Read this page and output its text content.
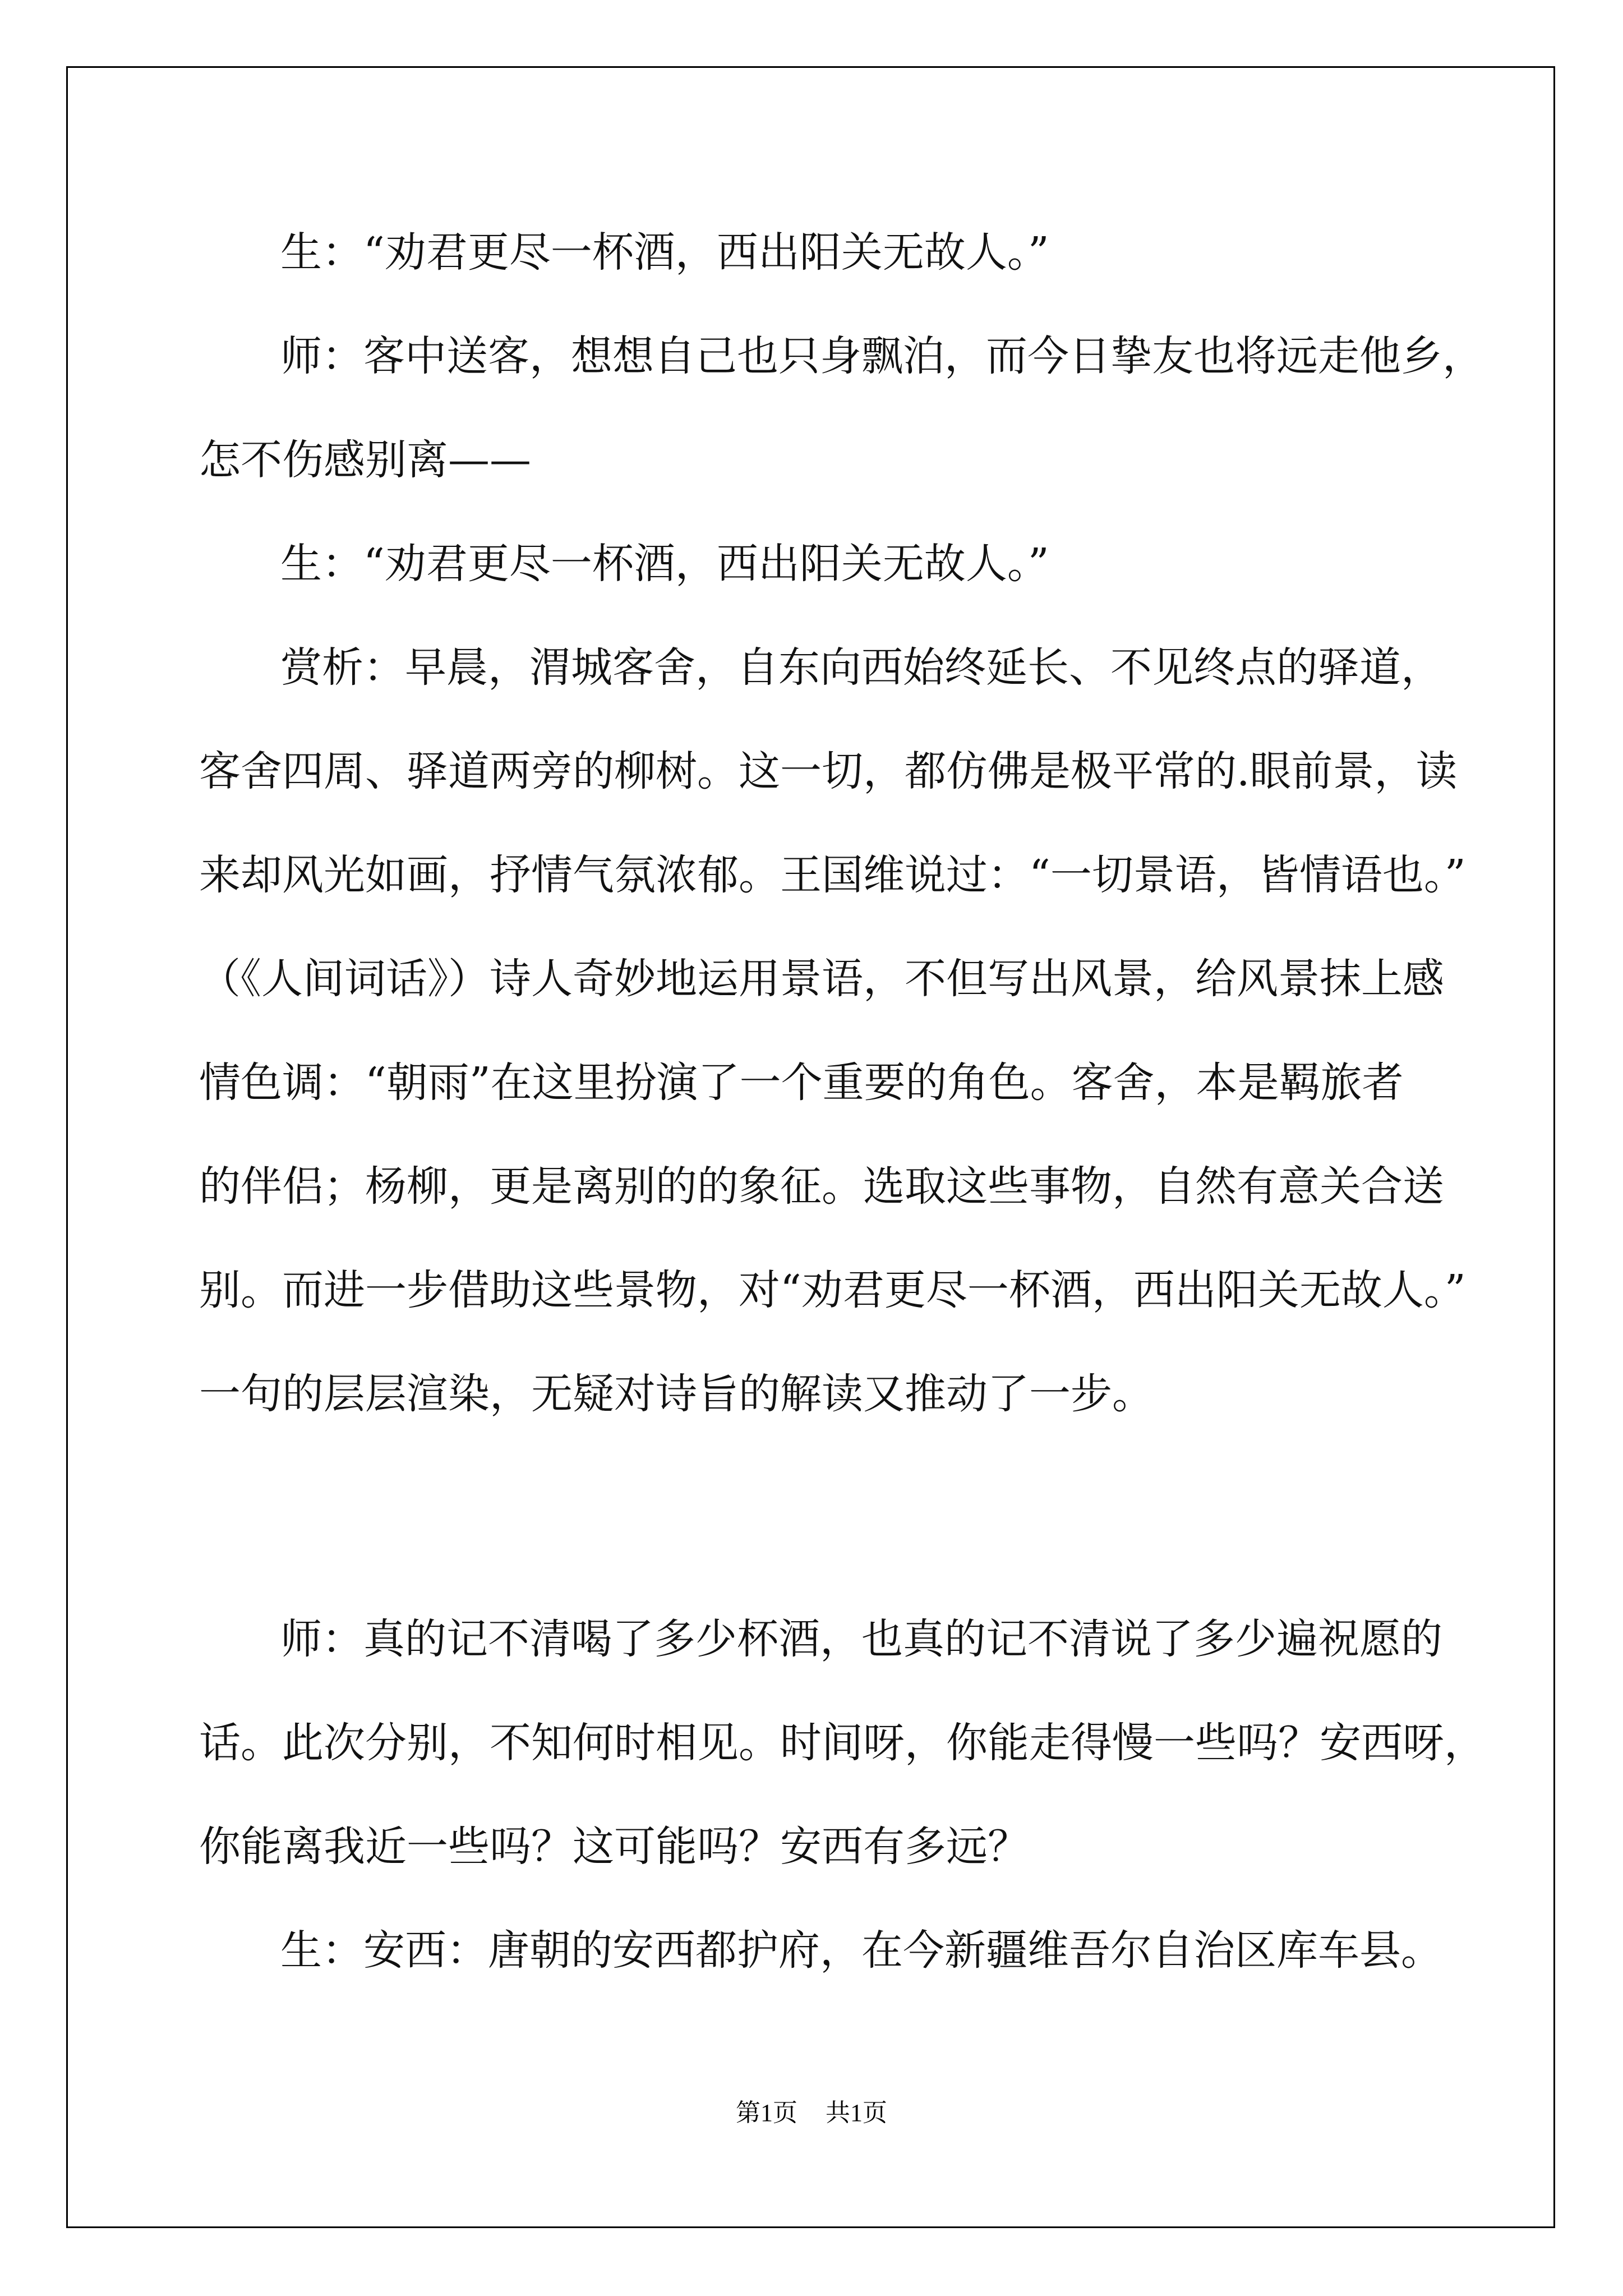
生：“劝君更尽一杯酒，西出阳关无故人。”

师：客中送客，想想自己也只身飘泊，而今日挚友也将远走他乡，

怎不伤感别离——

生：“劝君更尽一杯酒，西出阳关无故人。”

赏析：早晨，渭城客舍，自东向西始终延长、不见终点的驿道，

客舍四周、驿道两旁的柳树。这一切，都仿佛是极平常的.眼前景，读

来却风光如画，抒情气氛浓郁。王国维说过：“一切景语，皆情语也。”

（《人间词话》）诗人奇妙地运用景语，不但写出风景，给风景抹上感

情色调：“朝雨”在这里扮演了一个重要的角色。客舍，本是羁旅者

的伴侣；杨柳，更是离别的的象征。选取这些事物，自然有意关合送

别。而进一步借助这些景物，对“劝君更尽一杯酒，西出阳关无故人。”

一句的层层渲染，无疑对诗旨的解读又推动了一步。

师：真的记不清喝了多少杯酒，也真的记不清说了多少遍祝愿的

话。此次分别，不知何时相见。时间呀，你能走得慢一些吗？安西呀，

你能离我近一些吗？这可能吗？安西有多远？

生：安西：唐朝的安西都护府，在今新疆维吾尔自治区库车县。

第1页 共1页
